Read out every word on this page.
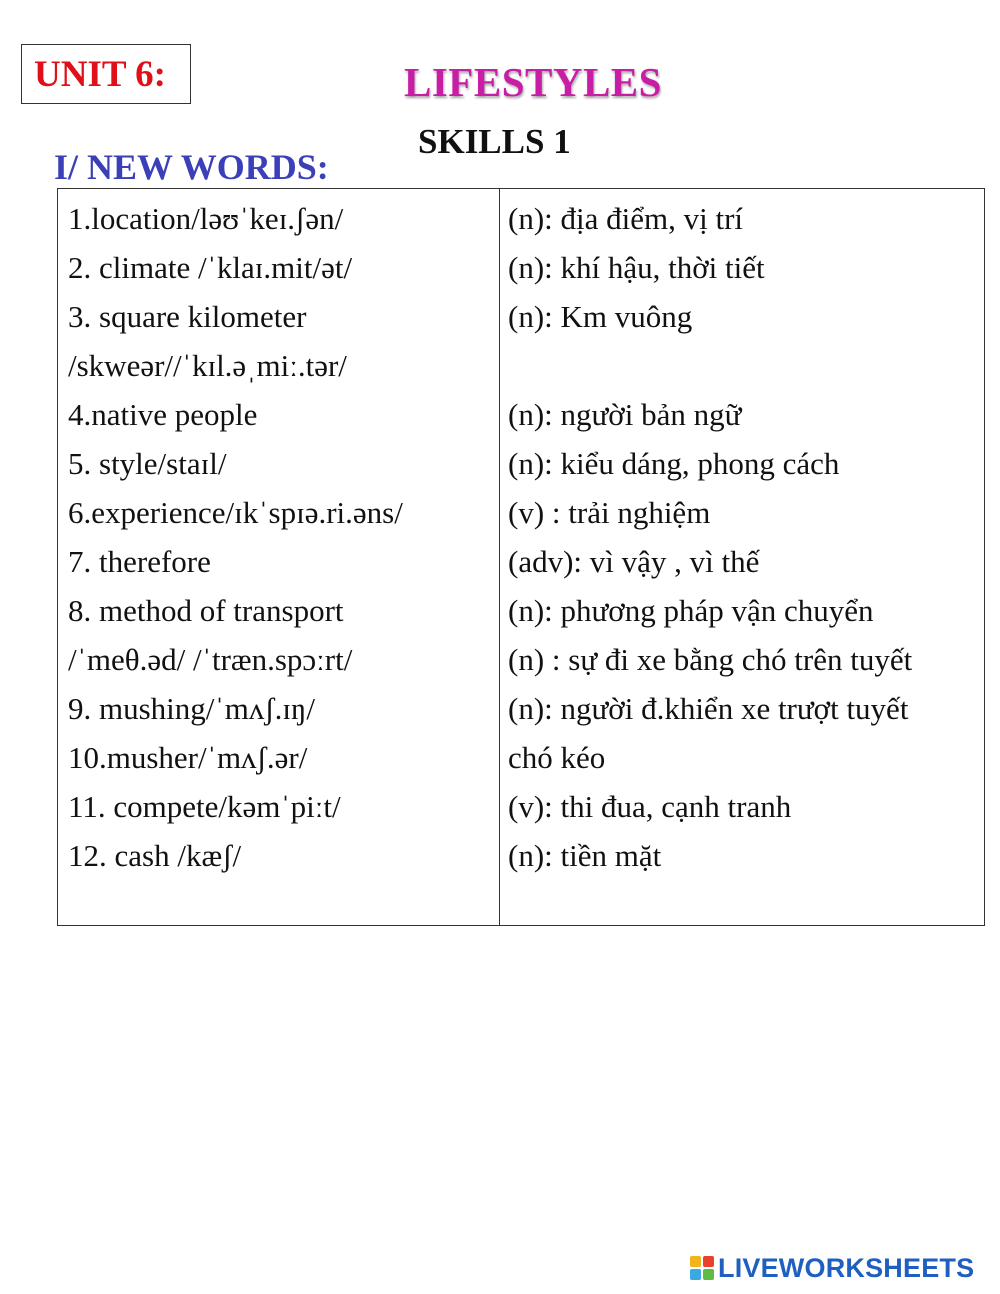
UNIT 6:	LIFESTYLES
SKILLS 1
I/ NEW WORDS:
1.location/ləʊˈkeɪ.ʃən/
2. climate /ˈklaɪ.mit/ət/
3. square kilometer
/skweər//ˈkɪl.əˌmiː.tər/
4.native people
5. style/staɪl/
6.experience/ɪkˈspɪə.ri.əns/
7. therefore
8. method of transport
/ˈmeθ.əd/ /ˈtræn.spɔːrt/
9. mushing/ˈmʌʃ.ɪŋ/
10.musher/ˈmʌʃ.ər/
11. compete/kəmˈpiːt/
12. cash /kæʃ/
(n): địa điểm, vị trí
(n): khí hậu, thời tiết
(n): Km vuông
(n): người bản ngữ
(n): kiểu dáng, phong cách
(v) : trải nghiệm
(adv): vì vậy , vì thế
(n): phương pháp vận chuyển
(n) : sự đi xe bằng chó trên tuyết
(n): người đ.khiển xe trượt tuyết
chó kéo
(v): thi đua, cạnh tranh
(n): tiền mặt
LIVEWORKSHEETS
